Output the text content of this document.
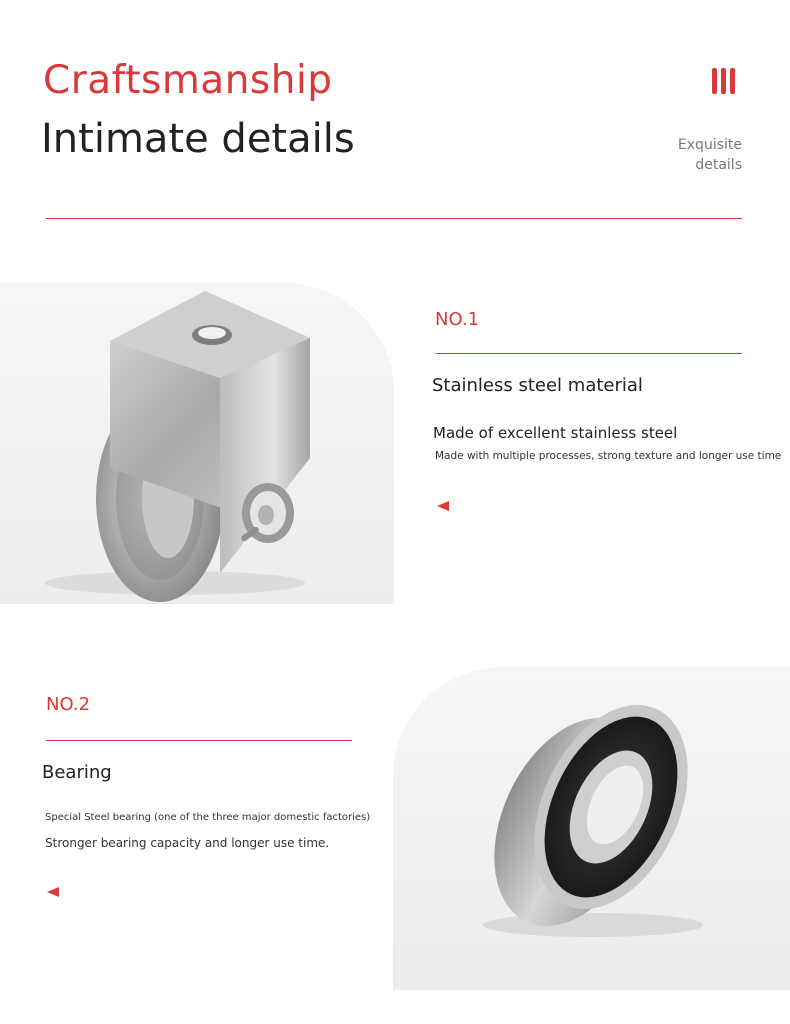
Craftsmanship
Intimate details	Exquisite
details
NO.1
Stainless steel material
Made of excellent stainless steel
Made with multiple processes, strong texture and longer use time
NO.2
Bearing
Special Steel bearing (one of the three major domestic factories)
Stronger bearing capacity and longer use time.
